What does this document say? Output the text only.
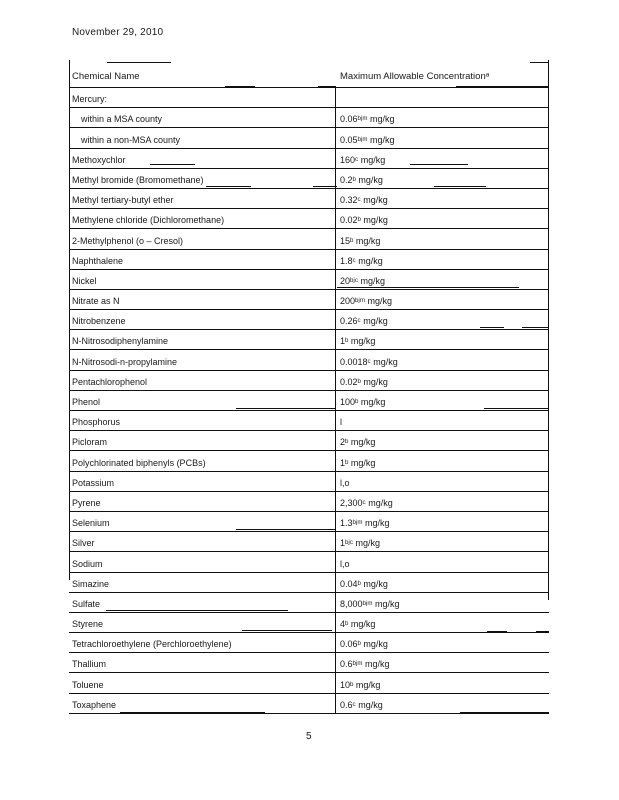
November 29, 2010
Chemical Name	Maximum Allowable Concentrationᵃ
Mercury:
within a MSA county	0.06ᵇʲᵐ mg/kg
within a non-MSA county	0.05ᵇʲᵐ mg/kg
Methoxychlor	160ᶜ mg/kg
Methyl bromide (Bromomethane)	0.2ᵇ mg/kg
Methyl tertiary-butyl ether	0.32ᶜ mg/kg
Methylene chloride (Dichloromethane)	0.02ᵇ mg/kg
2-Methylphenol (o – Cresol)	15ᵇ mg/kg
Naphthalene	1.8ᶜ mg/kg
Nickel	20ᵇʲᶜ mg/kg
Nitrate as N	200ᵇʲᵐ mg/kg
Nitrobenzene	0.26ᶜ mg/kg
N-Nitrosodiphenylamine	1ᵇ mg/kg
N-Nitrosodi-n-propylamine	0.0018ᶜ mg/kg
Pentachlorophenol	0.02ᵇ mg/kg
Phenol	100ᵇ mg/kg
Phosphorus	l
Picloram	2ᵇ mg/kg
Polychlorinated biphenyls (PCBs)	1ᵇ mg/kg
Potassium	l,o
Pyrene	2,300ᶜ mg/kg
Selenium	1.3ᵇʲᵐ mg/kg
Silver	1ᵇʲᶜ mg/kg
Sodium	l,o
Simazine	0.04ᵇ mg/kg
Sulfate	8,000ᵇʲᵐ mg/kg
Styrene	4ᵇ mg/kg
Tetrachloroethylene (Perchloroethylene)	0.06ᵇ mg/kg
Thallium	0.6ᵇʲᵐ mg/kg
Toluene	10ᵇ mg/kg
Toxaphene	0.6ᶜ mg/kg
5
